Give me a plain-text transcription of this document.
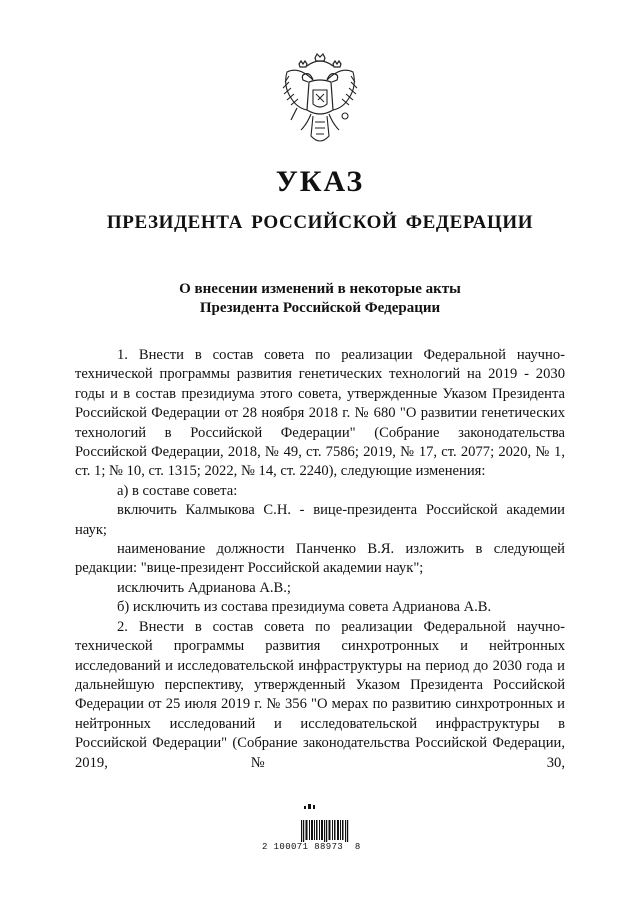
УКАЗ
ПРЕЗИДЕНТА РОССИЙСКОЙ ФЕДЕРАЦИИ
О внесении изменений в некоторые акты
Президента Российской Федерации

1. Внести в состав совета по реализации Федеральной научно-технической программы развития генетических технологий на 2019 - 2030 годы и в состав президиума этого совета, утвержденные Указом Президента Российской Федерации от 28 ноября 2018 г. № 680 "О развитии генетических технологий в Российской Федерации" (Собрание законодательства Российской Федерации, 2018, № 49, ст. 7586; 2019, № 17, ст. 2077; 2020, № 1, ст. 1; № 10, ст. 1315; 2022, № 14, ст. 2240), следующие изменения:

а) в составе совета:

включить Калмыкова С.Н. - вице-президента Российской академии наук;

наименование должности Панченко В.Я. изложить в следующей редакции: "вице-президент Российской академии наук";

исключить Адрианова А.В.;

б) исключить из состава президиума совета Адрианова А.В.

2. Внести в состав совета по реализации Федеральной научно-технической программы развития синхротронных и нейтронных исследований и исследовательской инфраструктуры на период до 2030 года и дальнейшую перспективу, утвержденный Указом Президента Российской Федерации от 25 июля 2019 г. № 356 "О мерах по развитию синхротронных и нейтронных исследований и исследовательской инфраструктуры в Российской Федерации" (Собрание законодательства Российской Федерации, 2019, № 30,

2 100071 88973  8
